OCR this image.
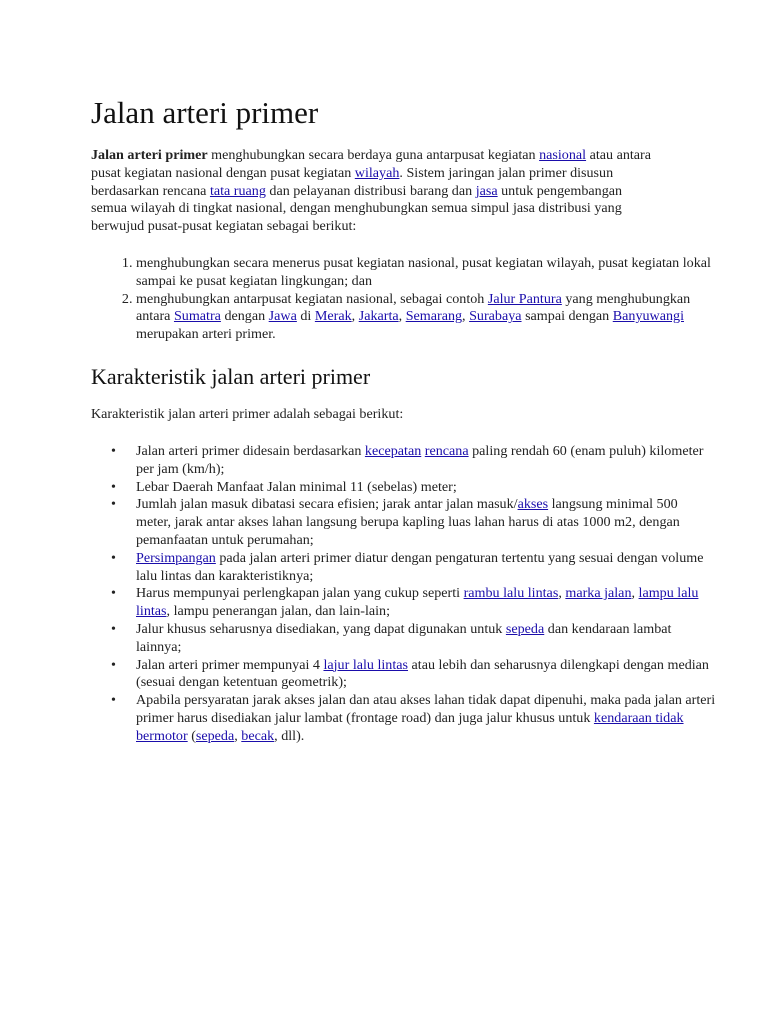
Jalan arteri primer

Jalan arteri primer menghubungkan secara berdaya guna antarpusat kegiatan nasional atau antara pusat kegiatan nasional dengan pusat kegiatan wilayah. Sistem jaringan jalan primer disusun berdasarkan rencana tata ruang dan pelayanan distribusi barang dan jasa untuk pengembangan semua wilayah di tingkat nasional, dengan menghubungkan semua simpul jasa distribusi yang berwujud pusat-pusat kegiatan sebagai berikut:

1. menghubungkan secara menerus pusat kegiatan nasional, pusat kegiatan wilayah, pusat kegiatan lokal sampai ke pusat kegiatan lingkungan; dan
2. menghubungkan antarpusat kegiatan nasional, sebagai contoh Jalur Pantura yang menghubungkan antara Sumatra dengan Jawa di Merak, Jakarta, Semarang, Surabaya sampai dengan Banyuwangi merupakan arteri primer.
Karakteristik jalan arteri primer

Karakteristik jalan arteri primer adalah sebagai berikut:

• Jalan arteri primer didesain berdasarkan kecepatan rencana paling rendah 60 (enam puluh) kilometer per jam (km/h);
• Lebar Daerah Manfaat Jalan minimal 11 (sebelas) meter;
• Jumlah jalan masuk dibatasi secara efisien; jarak antar jalan masuk/akses langsung minimal 500 meter, jarak antar akses lahan langsung berupa kapling luas lahan harus di atas 1000 m2, dengan pemanfaatan untuk perumahan;
• Persimpangan pada jalan arteri primer diatur dengan pengaturan tertentu yang sesuai dengan volume lalu lintas dan karakteristiknya;
• Harus mempunyai perlengkapan jalan yang cukup seperti rambu lalu lintas, marka jalan, lampu lalu lintas, lampu penerangan jalan, dan lain-lain;
• Jalur khusus seharusnya disediakan, yang dapat digunakan untuk sepeda dan kendaraan lambat lainnya;
• Jalan arteri primer mempunyai 4 lajur lalu lintas atau lebih dan seharusnya dilengkapi dengan median (sesuai dengan ketentuan geometrik);
• Apabila persyaratan jarak akses jalan dan atau akses lahan tidak dapat dipenuhi, maka pada jalan arteri primer harus disediakan jalur lambat (frontage road) dan juga jalur khusus untuk kendaraan tidak bermotor (sepeda, becak, dll).
